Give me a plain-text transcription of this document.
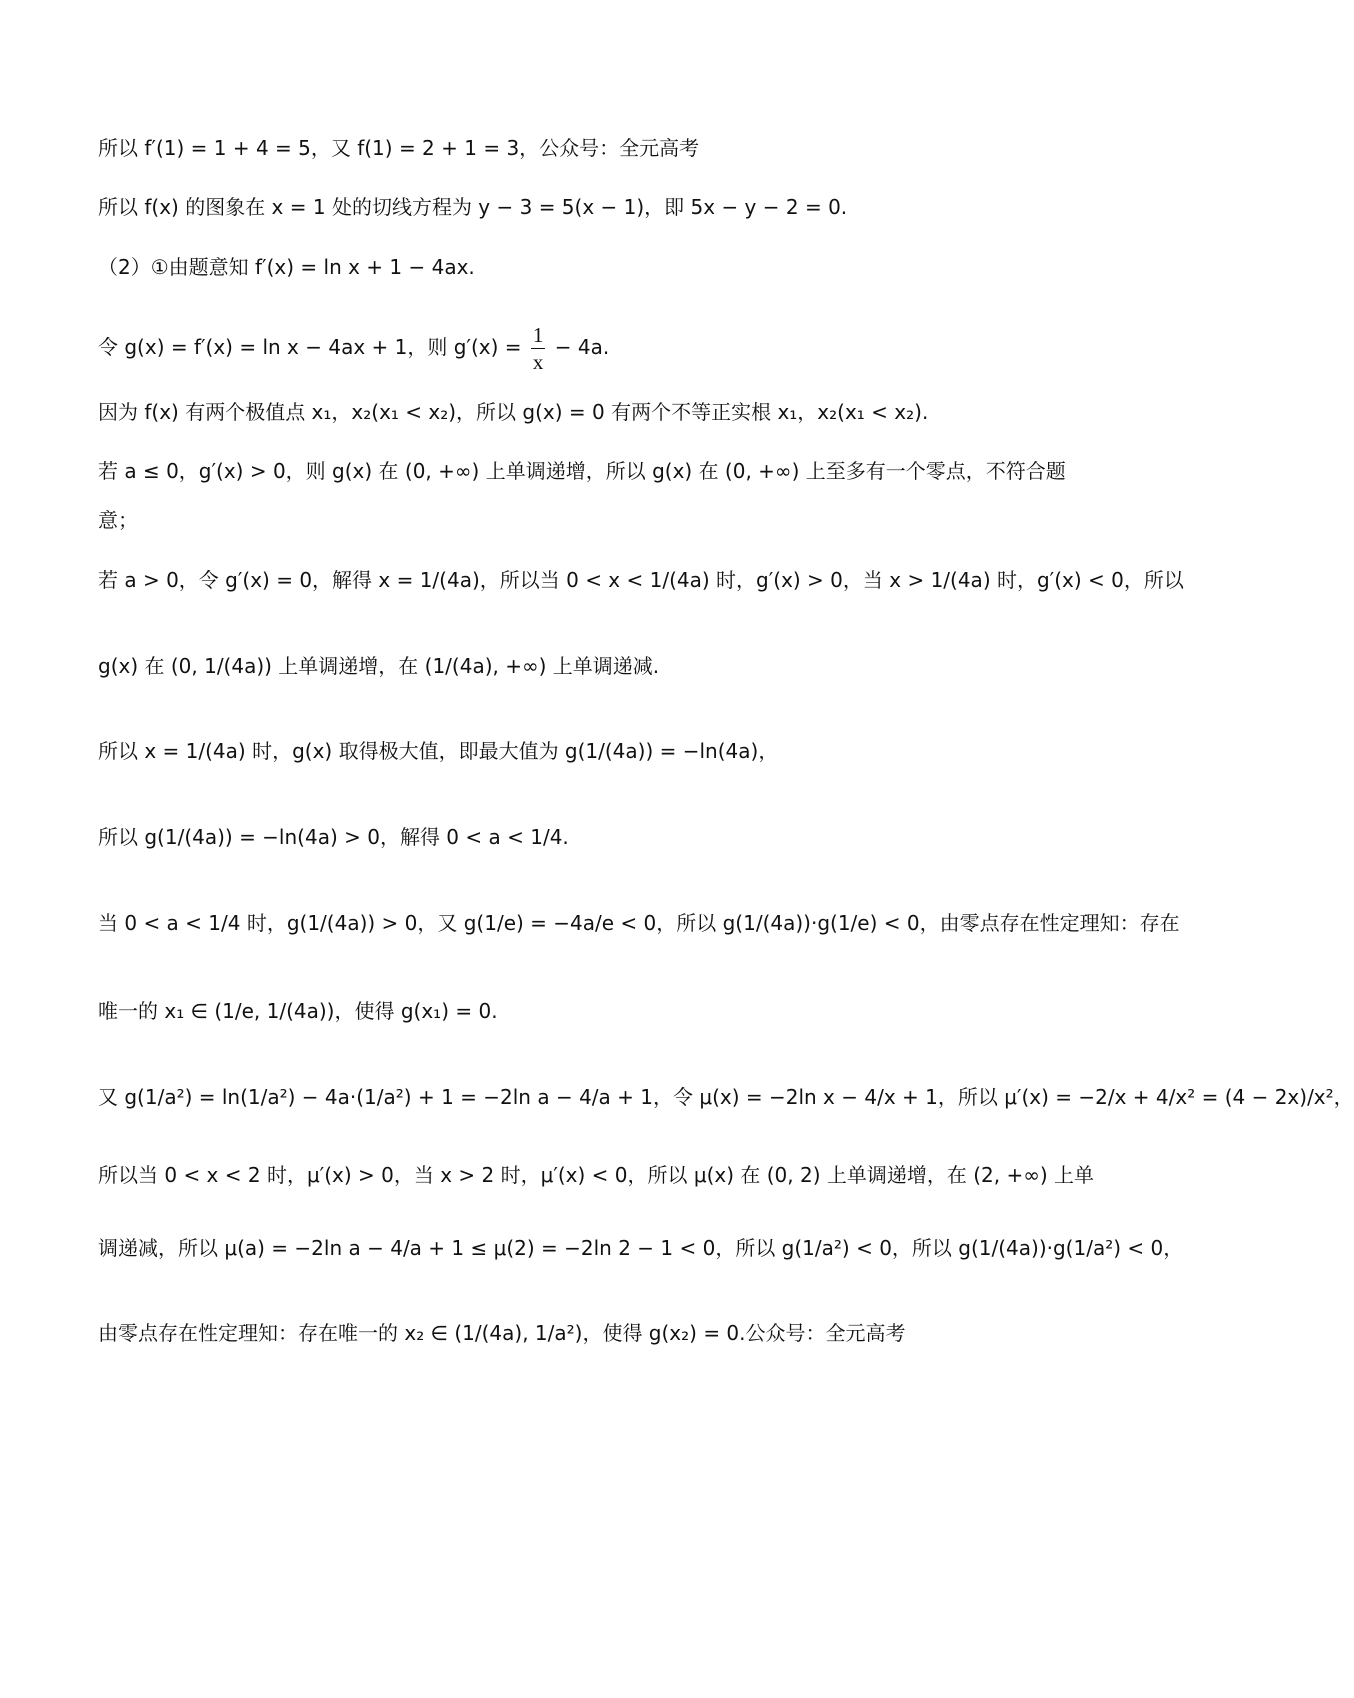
所以 f′(1) = 1 + 4 = 5，又 f(1) = 2 + 1 = 3，公众号：全元高考
所以 f(x) 的图象在 x = 1 处的切线方程为 y − 3 = 5(x − 1)，即 5x − y − 2 = 0.
（2）①由题意知 f′(x) = ln x + 1 − 4ax.
令 g(x) = f′(x) = ln x − 4ax + 1，则 $g'(x) = \frac{1}{x} - 4a$.
因为 f(x) 有两个极值点 x₁，x₂(x₁ < x₂)，所以 g(x) = 0 有两个不等正实根 x₁，x₂(x₁ < x₂).
若 a ≤ 0，g′(x) > 0，则 g(x) 在 (0, +∞) 上单调递增，所以 g(x) 在 (0, +∞) 上至多有一个零点，不符合题
意；
若 a > 0，令 g′(x) = 0，解得 x = 1/(4a)，所以当 0 < x < 1/(4a) 时，g′(x) > 0，当 x > 1/(4a) 时，g′(x) < 0，所以
g(x) 在 (0, 1/(4a)) 上单调递增，在 (1/(4a), +∞) 上单调递减.
所以 x = 1/(4a) 时，g(x) 取得极大值，即最大值为 g(1/(4a)) = −ln(4a)，
所以 g(1/(4a)) = −ln(4a) > 0，解得 0 < a < 1/4.
当 0 < a < 1/4 时，g(1/(4a)) > 0，又 g(1/e) = −4a/e < 0，所以 g(1/(4a))·g(1/e) < 0，由零点存在性定理知：存在
唯一的 x₁ ∈ (1/e, 1/(4a))，使得 g(x₁) = 0.
又 g(1/a²) = ln(1/a²) − 4a·(1/a²) + 1 = −2ln a − 4/a + 1，令 μ(x) = −2ln x − 4/x + 1，所以 μ′(x) = −2/x + 4/x² = (4 − 2x)/x²，
所以当 0 < x < 2 时，μ′(x) > 0，当 x > 2 时，μ′(x) < 0，所以 μ(x) 在 (0, 2) 上单调递增，在 (2, +∞) 上单
调递减，所以 μ(a) = −2ln a − 4/a + 1 ≤ μ(2) = −2ln 2 − 1 < 0，所以 g(1/a²) < 0，所以 g(1/(4a))·g(1/a²) < 0，
由零点存在性定理知：存在唯一的 x₂ ∈ (1/(4a), 1/a²)，使得 g(x₂) = 0.公众号：全元高考
